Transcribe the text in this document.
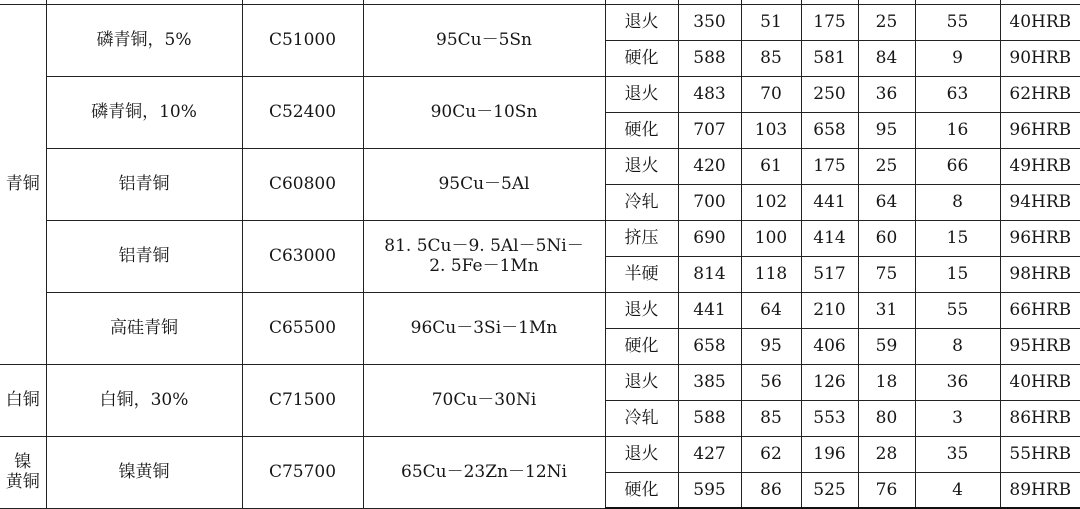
青铜	磷青铜，5%	C51000	95Cu－5Sn	退火	350	51	175	25	55	40HRB
				硬化	588	85	581	84	9	90HRB
	磷青铜，10%	C52400	90Cu－10Sn	退火	483	70	250	36	63	62HRB
				硬化	707	103	658	95	16	96HRB
	铝青铜	C60800	95Cu－5Al	退火	420	61	175	25	66	49HRB
				冷轧	700	102	441	64	8	94HRB
	铝青铜	C63000	81. 5Cu－9. 5Al－5Ni－
2. 5Fe－1Mn	挤压	690	100	414	60	15	96HRB
				半硬	814	118	517	75	15	98HRB
	高硅青铜	C65500	96Cu－3Si－1Mn	退火	441	64	210	31	55	66HRB
				硬化	658	95	406	59	8	95HRB
白铜	白铜，30%	C71500	70Cu－30Ni	退火	385	56	126	18	36	40HRB
				冷轧	588	85	553	80	3	86HRB

镍
黄铜	镍黄铜	C75700	65Cu－23Zn－12Ni	退火	427	62	196	28	35	55HRB
				硬化	595	86	525	76	4	89HRB
